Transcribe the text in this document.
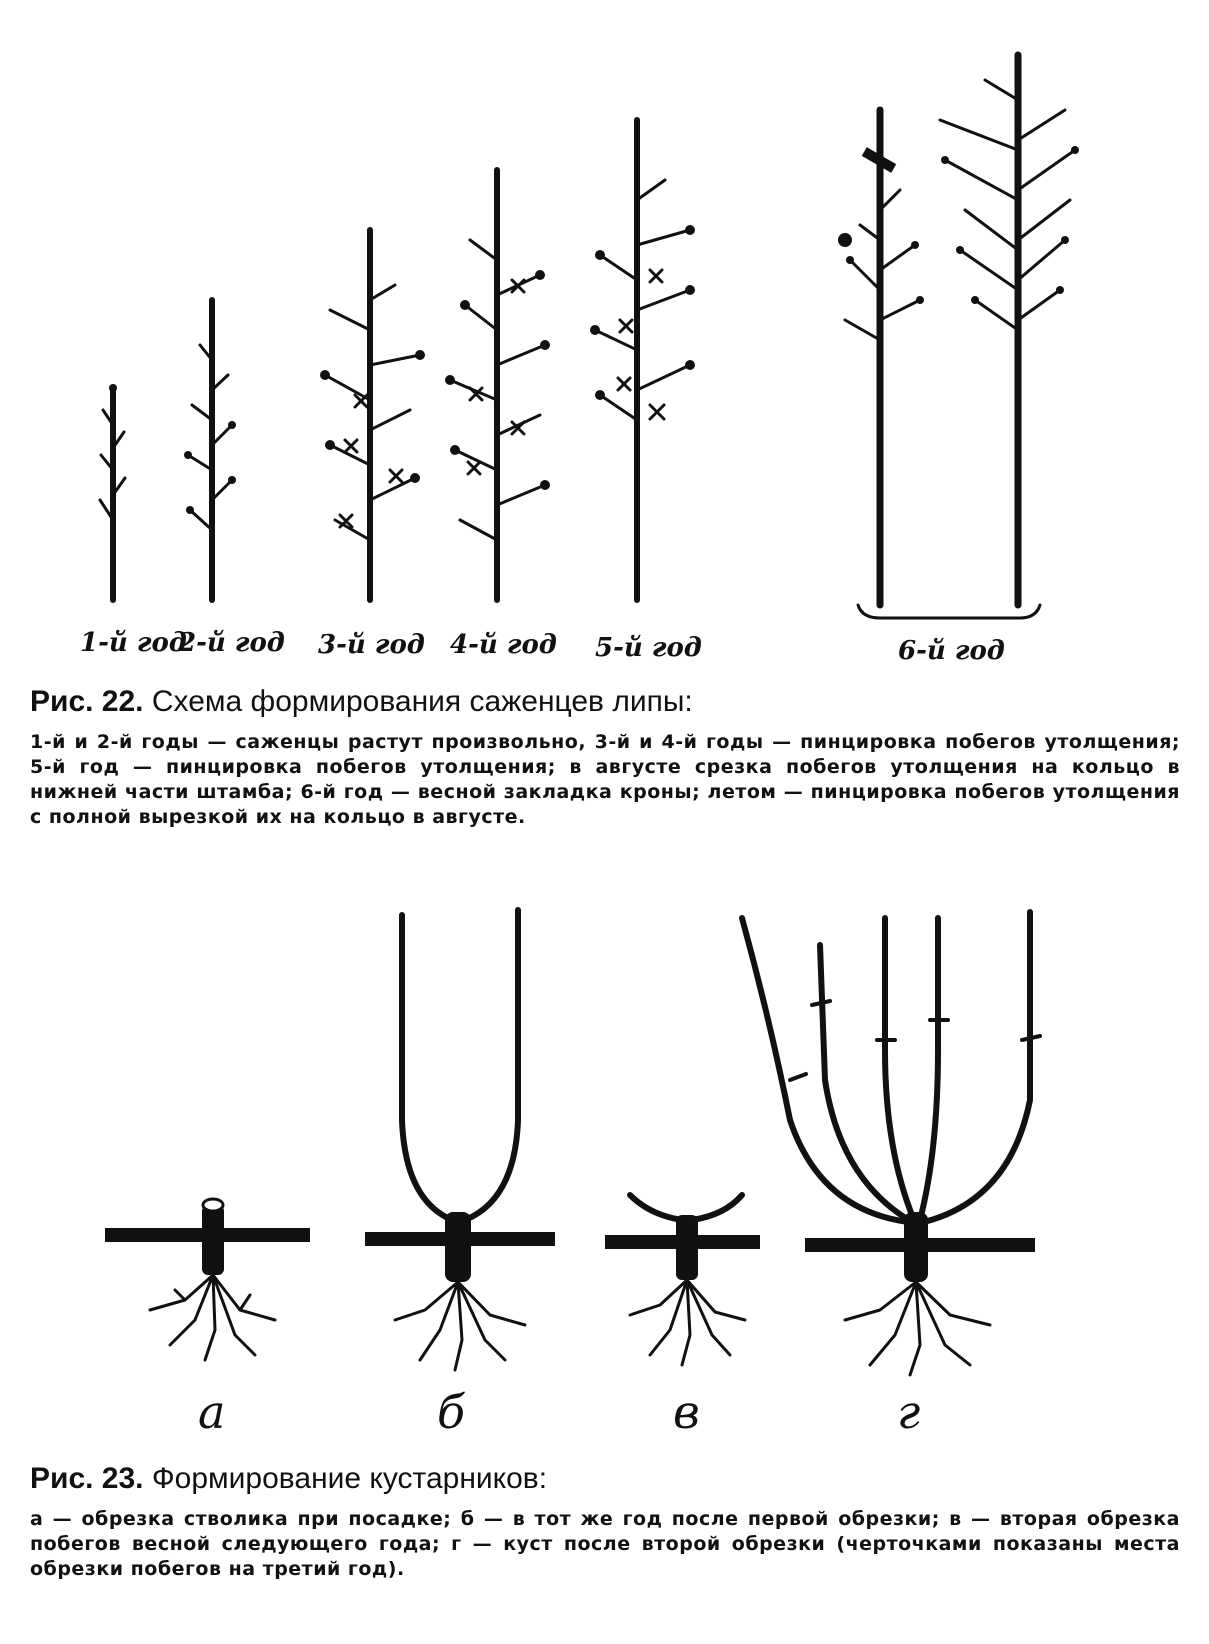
1-й год
2-й год 3-й год 4-й год 5-й год	6-й год
Рис. 22. Схема формирования саженцев липы:
1-й и 2-й годы — саженцы растут произвольно, 3-й и 4-й годы — пинцировка побегов утолщения; 5-й год — пинцировка побегов утолщения; в августе срезка побегов утолщения на кольцо в нижней части штамба; 6-й год — весной закладка кроны; летом — пинцировка побегов утолщения с полной вырезкой их на кольцо в августе.
а	б	в	г
Рис. 23. Формирование кустарников:
а — обрезка стволика при посадке; б — в тот же год после первой обрезки; в — вторая обрезка побегов весной следующего года; г — куст после второй обрезки (черточками показаны места обрезки побегов на третий год).
